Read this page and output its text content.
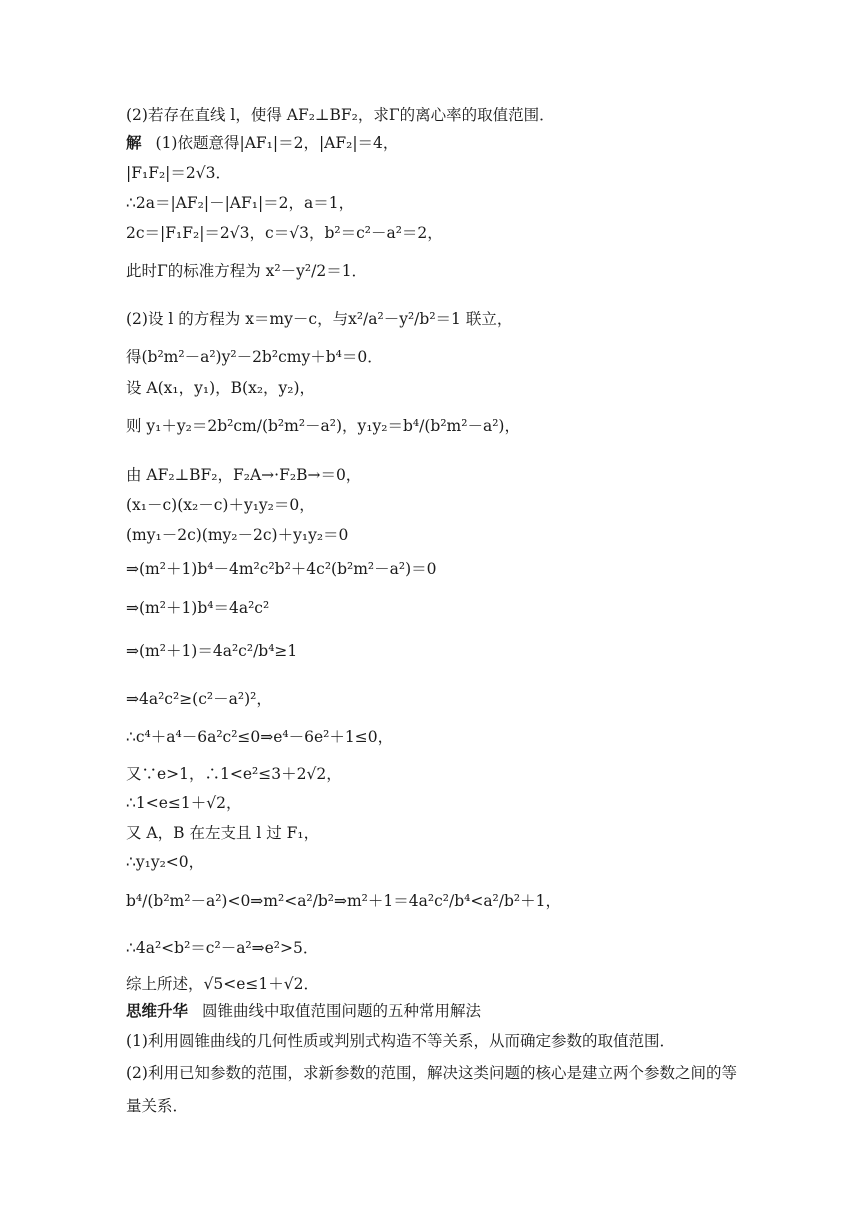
(2)若存在直线 l，使得 AF₂⊥BF₂，求Γ的离心率的取值范围．
解 (1)依题意得|AF₁|＝2，|AF₂|＝4，
|F₁F₂|＝2√3．
∴2a＝|AF₂|－|AF₁|＝2，a＝1，
2c＝|F₁F₂|＝2√3，c＝√3，b²＝c²－a²＝2，
此时Γ的标准方程为 x²－y²/2＝1．
(2)设 l 的方程为 x＝my－c，与x²/a²－y²/b²＝1 联立，
得(b²m²－a²)y²－2b²cmy＋b⁴＝0．
设 A(x₁，y₁)，B(x₂，y₂)，
则 y₁＋y₂＝2b²cm/(b²m²－a²)，y₁y₂＝b⁴/(b²m²－a²)，
由 AF₂⊥BF₂，F₂A→·F₂B→＝0，
(x₁－c)(x₂－c)＋y₁y₂＝0，
(my₁－2c)(my₂－2c)＋y₁y₂＝0
⇒(m²＋1)b⁴－4m²c²b²＋4c²(b²m²－a²)＝0
⇒(m²＋1)b⁴＝4a²c²
⇒(m²＋1)＝4a²c²/b⁴≥1
⇒4a²c²≥(c²－a²)²，
∴c⁴＋a⁴－6a²c²≤0⇒e⁴－6e²＋1≤0，
又∵e>1，∴1<e²≤3＋2√2，
∴1<e≤1＋√2，
又 A，B 在左支且 l 过 F₁，
∴y₁y₂<0，
b⁴/(b²m²－a²)<0⇒m²<a²/b²⇒m²＋1＝4a²c²/b⁴<a²/b²＋1，
∴4a²<b²＝c²－a²⇒e²>5．
综上所述，√5<e≤1＋√2．
思维升华 圆锥曲线中取值范围问题的五种常用解法
(1)利用圆锥曲线的几何性质或判别式构造不等关系，从而确定参数的取值范围．
(2)利用已知参数的范围，求新参数的范围，解决这类问题的核心是建立两个参数之间的等量关系．
